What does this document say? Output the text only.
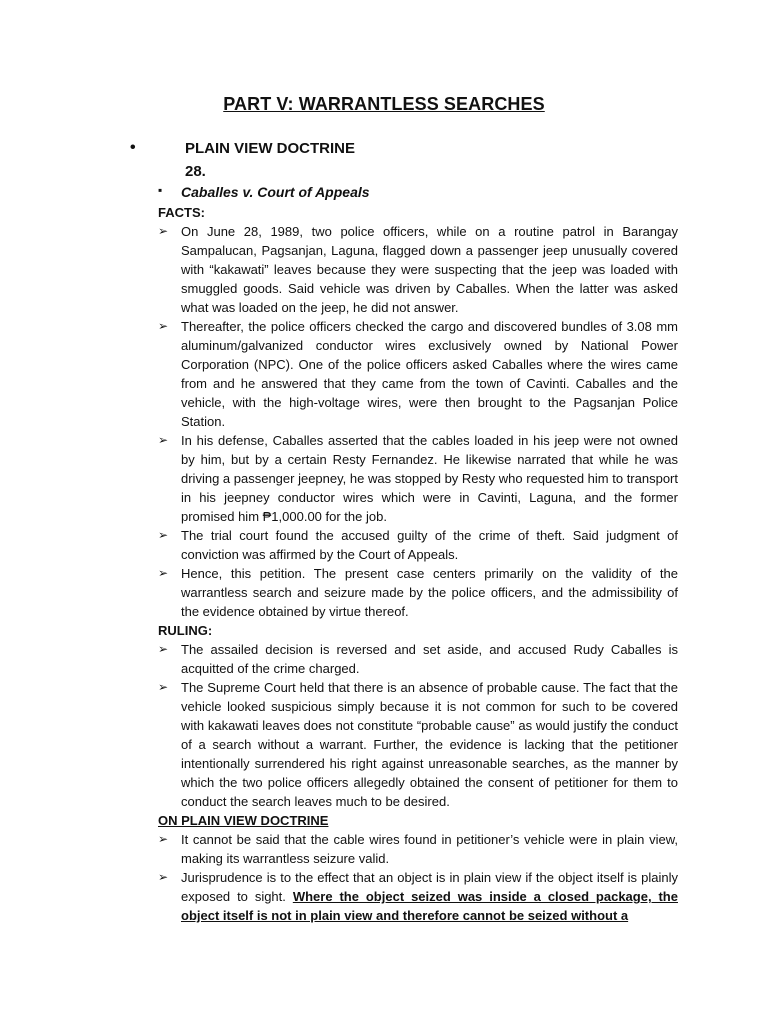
PART V: WARRANTLESS SEARCHES
•	PLAIN VIEW DOCTRINE
28.
▪ Caballes v. Court of Appeals

FACTS:

➢ On June 28, 1989, two police officers, while on a routine patrol in Barangay Sampalucan, Pagsanjan, Laguna, flagged down a passenger jeep unusually covered with “kakawati” leaves because they were suspecting that the jeep was loaded with smuggled goods. Said vehicle was driven by Caballes. When the latter was asked what was loaded on the jeep, he did not answer.
➢ Thereafter, the police officers checked the cargo and discovered bundles of 3.08 mm aluminum/galvanized conductor wires exclusively owned by National Power Corporation (NPC). One of the police officers asked Caballes where the wires came from and he answered that they came from the town of Cavinti. Caballes and the vehicle, with the high-voltage wires, were then brought to the Pagsanjan Police Station.
➢ In his defense, Caballes asserted that the cables loaded in his jeep were not owned by him, but by a certain Resty Fernandez. He likewise narrated that while he was driving a passenger jeepney, he was stopped by Resty who requested him to transport in his jeepney conductor wires which were in Cavinti, Laguna, and the former promised him ₱1,000.00 for the job.
➢ The trial court found the accused guilty of the crime of theft. Said judgment of conviction was affirmed by the Court of Appeals.
➢ Hence, this petition. The present case centers primarily on the validity of the warrantless search and seizure made by the police officers, and the admissibility of the evidence obtained by virtue thereof.

RULING:

➢ The assailed decision is reversed and set aside, and accused Rudy Caballes is acquitted of the crime charged.
➢ The Supreme Court held that there is an absence of probable cause. The fact that the vehicle looked suspicious simply because it is not common for such to be covered with kakawati leaves does not constitute “probable cause” as would justify the conduct of a search without a warrant. Further, the evidence is lacking that the petitioner intentionally surrendered his right against unreasonable searches, as the manner by which the two police officers allegedly obtained the consent of petitioner for them to conduct the search leaves much to be desired.

ON PLAIN VIEW DOCTRINE

➢ It cannot be said that the cable wires found in petitioner’s vehicle were in plain view, making its warrantless seizure valid.
➢ Jurisprudence is to the effect that an object is in plain view if the object itself is plainly exposed to sight. Where the object seized was inside a closed package, the object itself is not in plain view and therefore cannot be seized without a
